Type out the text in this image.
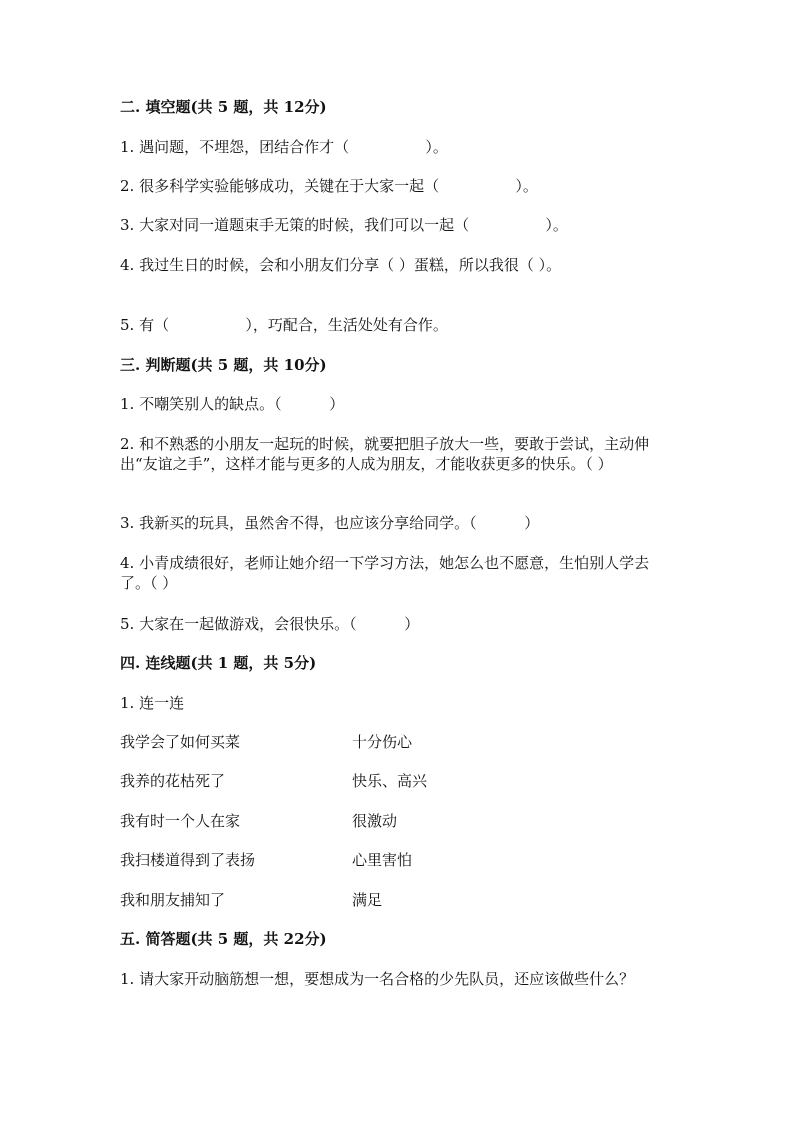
二. 填空题(共 5 题，共 12分)
1. 遇问题，不埋怨，团结合作才（                ）。
2. 很多科学实验能够成功，关键在于大家一起（                ）。
3. 大家对同一道题束手无策的时候，我们可以一起（                ）。
4. 我过生日的时候，会和小朋友们分享（ ）蛋糕，所以我很（ ）。
5. 有（                ），巧配合，生活处处有合作。
三. 判断题(共 5 题，共 10分)
1. 不嘲笑别人的缺点。（          ）
2. 和不熟悉的小朋友一起玩的时候，就要把胆子放大一些，要敢于尝试，主动伸出“友谊之手”，这样才能与更多的人成为朋友，才能收获更多的快乐。（ ）
3. 我新买的玩具，虽然舍不得，也应该分享给同学。（          ）
4. 小青成绩很好，老师让她介绍一下学习方法，她怎么也不愿意，生怕别人学去了。（ ）
5. 大家在一起做游戏，会很快乐。（          ）
四. 连线题(共 1 题，共 5分)
1. 连一连
我学会了如何买菜	十分伤心
我养的花枯死了	快乐、高兴
我有时一个人在家	很激动
我扫楼道得到了表扬	心里害怕
我和朋友捕知了	满足
五. 简答题(共 5 题，共 22分)
1. 请大家开动脑筋想一想，要想成为一名合格的少先队员，还应该做些什么？
